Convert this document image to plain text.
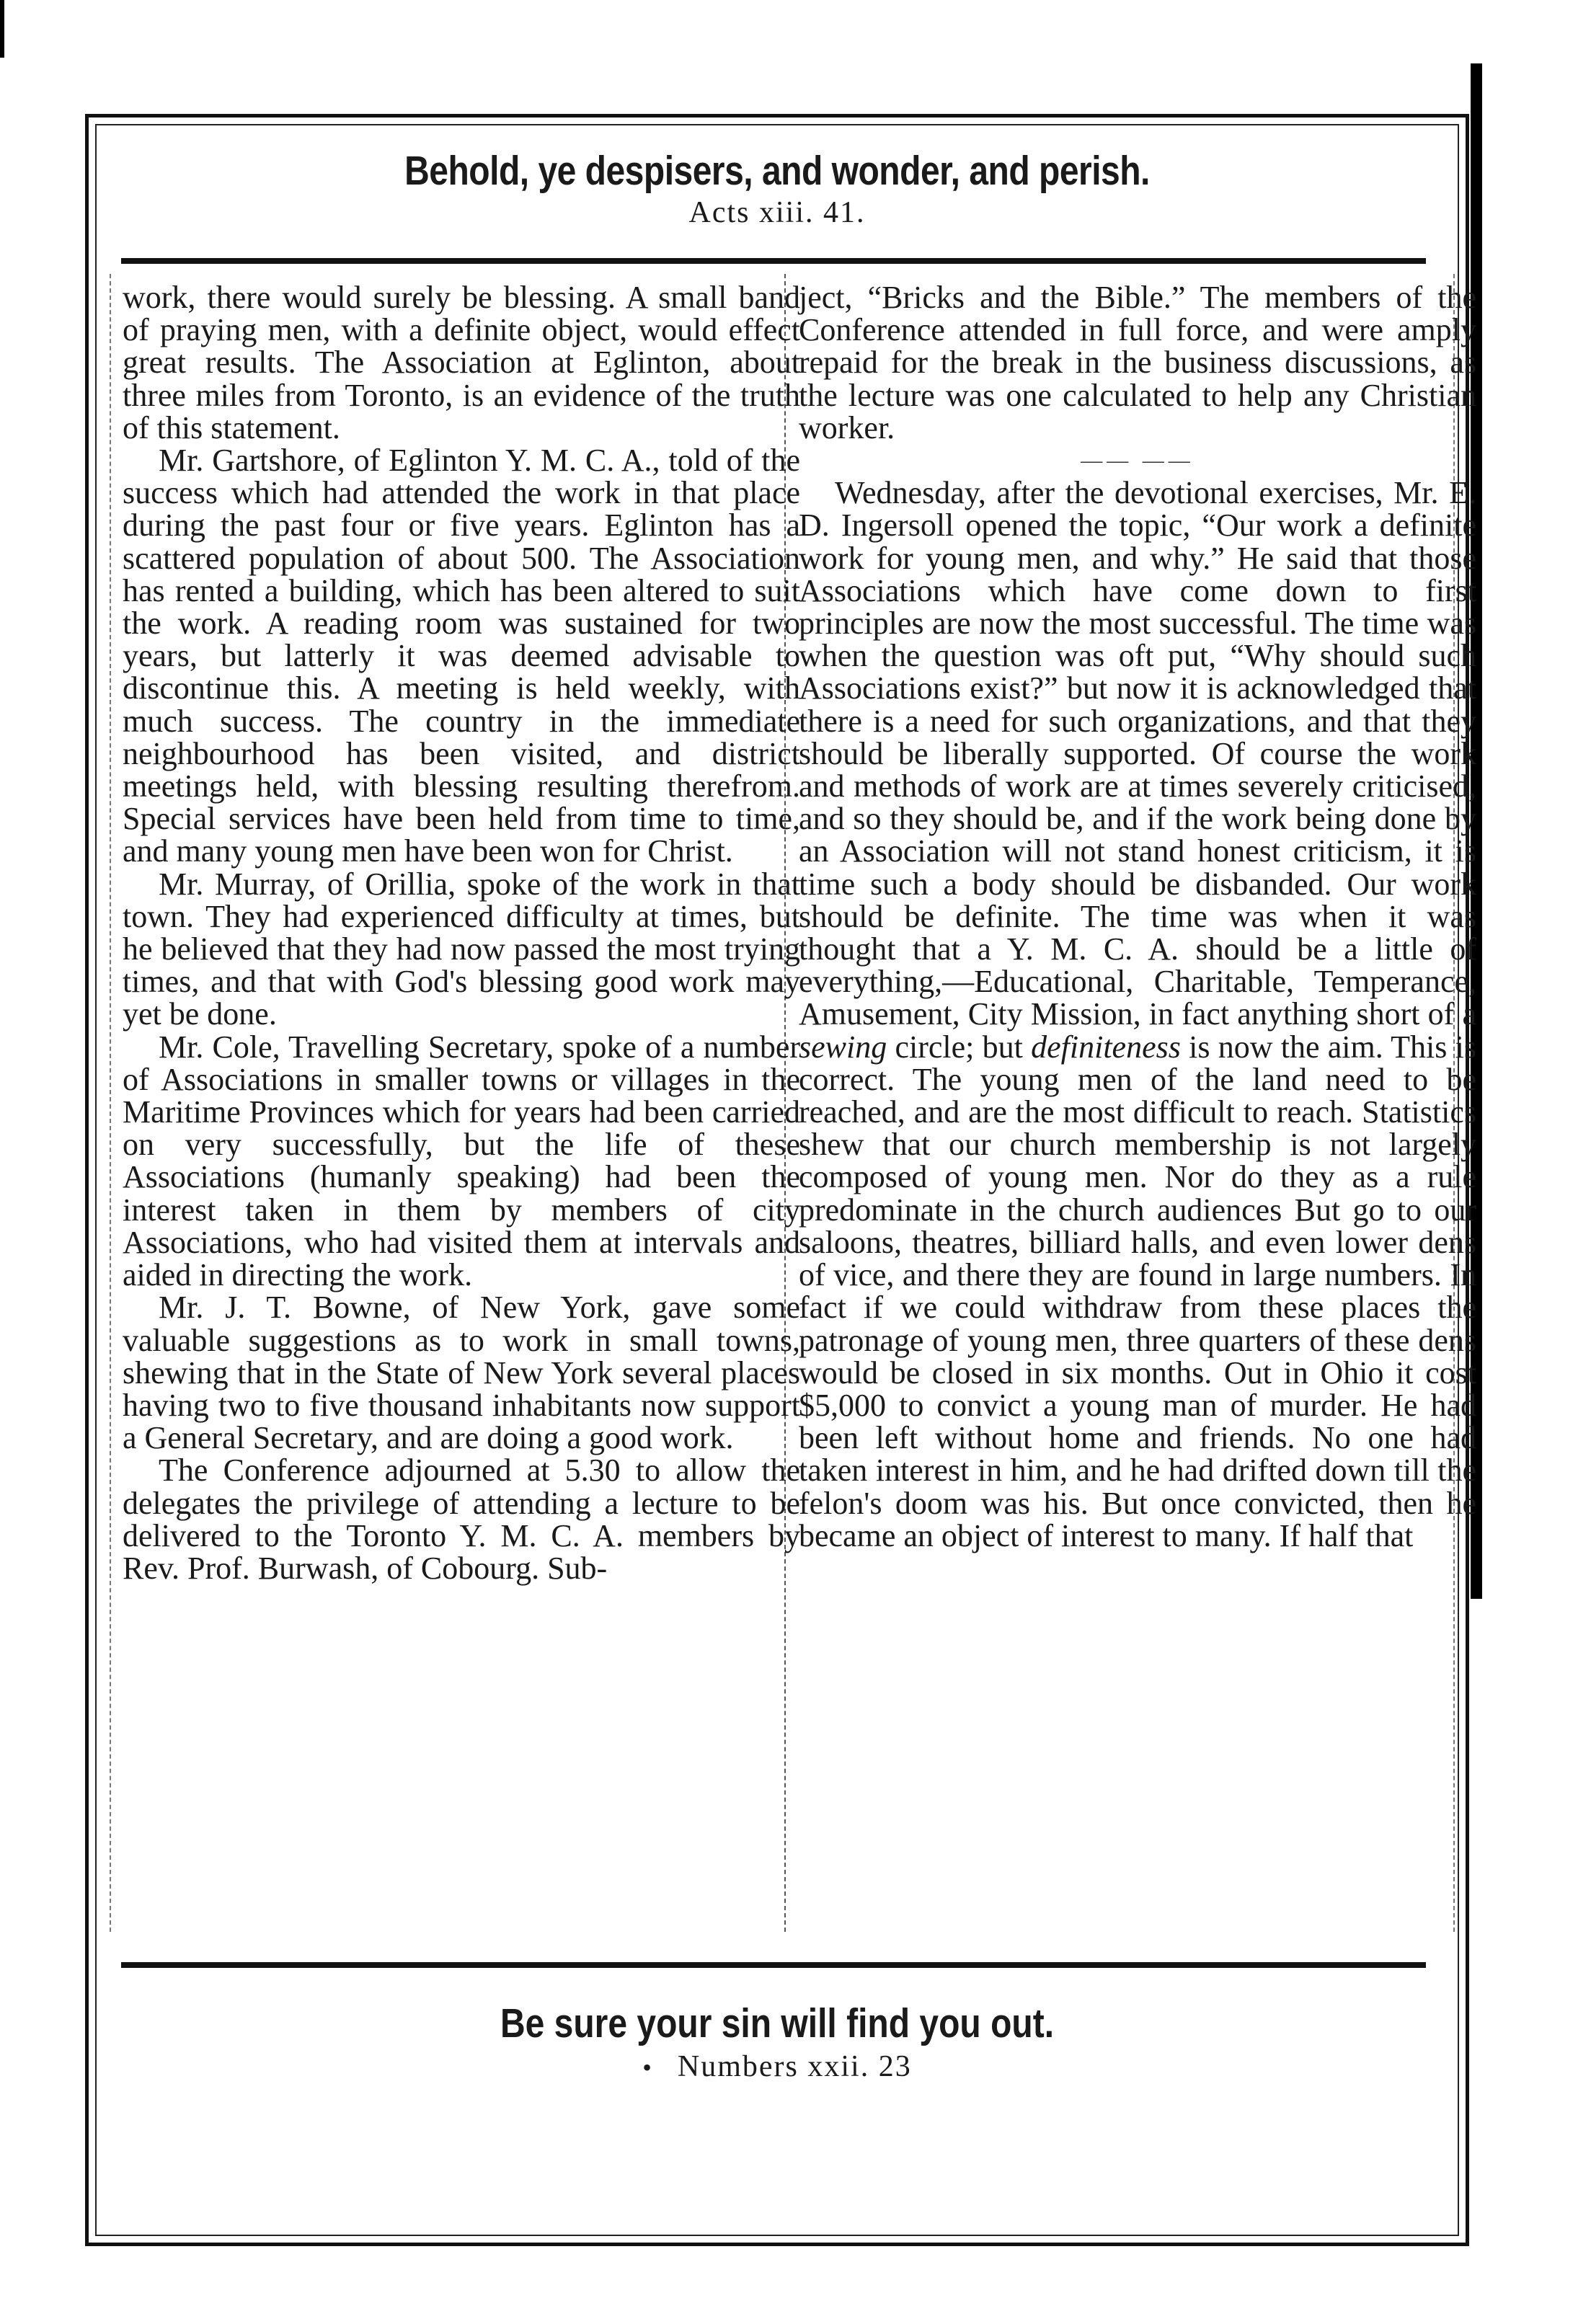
Behold, ye despisers, and wonder, and perish.
Acts xiii. 41.

work, there would surely be blessing. A small band of praying men, with a definite object, would effect great results. The Association at Eglinton, about three miles from Toronto, is an evidence of the truth of this statement.

Mr. Gartshore, of Eglinton Y. M. C. A., told of the success which had attended the work in that place during the past four or five years. Eglinton has a scattered population of about 500. The Association has rented a building, which has been altered to suit the work. A reading room was sustained for two years, but latterly it was deemed advisable to discontinue this. A meeting is held weekly, with much success. The country in the immediate neighbourhood has been visited, and district meetings held, with blessing resulting therefrom. Special services have been held from time to time, and many young men have been won for Christ.

Mr. Murray, of Orillia, spoke of the work in that town. They had experienced difficulty at times, but he believed that they had now passed the most trying times, and that with God's blessing good work may yet be done.

Mr. Cole, Travelling Secretary, spoke of a number of Associations in smaller towns or villages in the Maritime Provinces which for years had been carried on very successfully, but the life of these Associations (humanly speaking) had been the interest taken in them by members of city Associations, who had visited them at intervals and aided in directing the work.

Mr. J. T. Bowne, of New York, gave some valuable suggestions as to work in small towns, shewing that in the State of New York several places having two to five thousand inhabitants now support a General Secretary, and are doing a good work.

The Conference adjourned at 5.30 to allow the delegates the privilege of attending a lecture to be delivered to the Toronto Y. M. C. A. members by Rev. Prof. Burwash, of Cobourg. Sub-

ject, “Bricks and the Bible.” The members of the Conference attended in full force, and were amply repaid for the break in the business discussions, as the lecture was one calculated to help any Christian worker.

—— ——

Wednesday, after the devotional exercises, Mr. E. D. Ingersoll opened the topic, “Our work a definite work for young men, and why.” He said that those Associations which have come down to first principles are now the most successful. The time was when the question was oft put, “Why should such Associations exist?” but now it is acknowledged that there is a need for such organizations, and that they should be liberally supported. Of course the work and methods of work are at times severely criticised, and so they should be, and if the work being done by an Association will not stand honest criticism, it is time such a body should be disbanded. Our work should be definite. The time was when it was thought that a Y. M. C. A. should be a little of everything,—Educational, Charitable, Temperance, Amusement, City Mission, in fact anything short of a sewing circle; but definiteness is now the aim. This is correct. The young men of the land need to be reached, and are the most difficult to reach. Statistics shew that our church membership is not largely composed of young men. Nor do they as a rule predominate in the church audiences But go to our saloons, theatres, billiard halls, and even lower dens of vice, and there they are found in large numbers. In fact if we could withdraw from these places the patronage of young men, three quarters of these dens would be closed in six months. Out in Ohio it cost $5,000 to convict a young man of murder. He had been left without home and friends. No one had taken interest in him, and he had drifted down till the felon's doom was his. But once convicted, then he became an object of interest to many. If half that

Be sure your sin will find you out.
• Numbers xxii. 23
